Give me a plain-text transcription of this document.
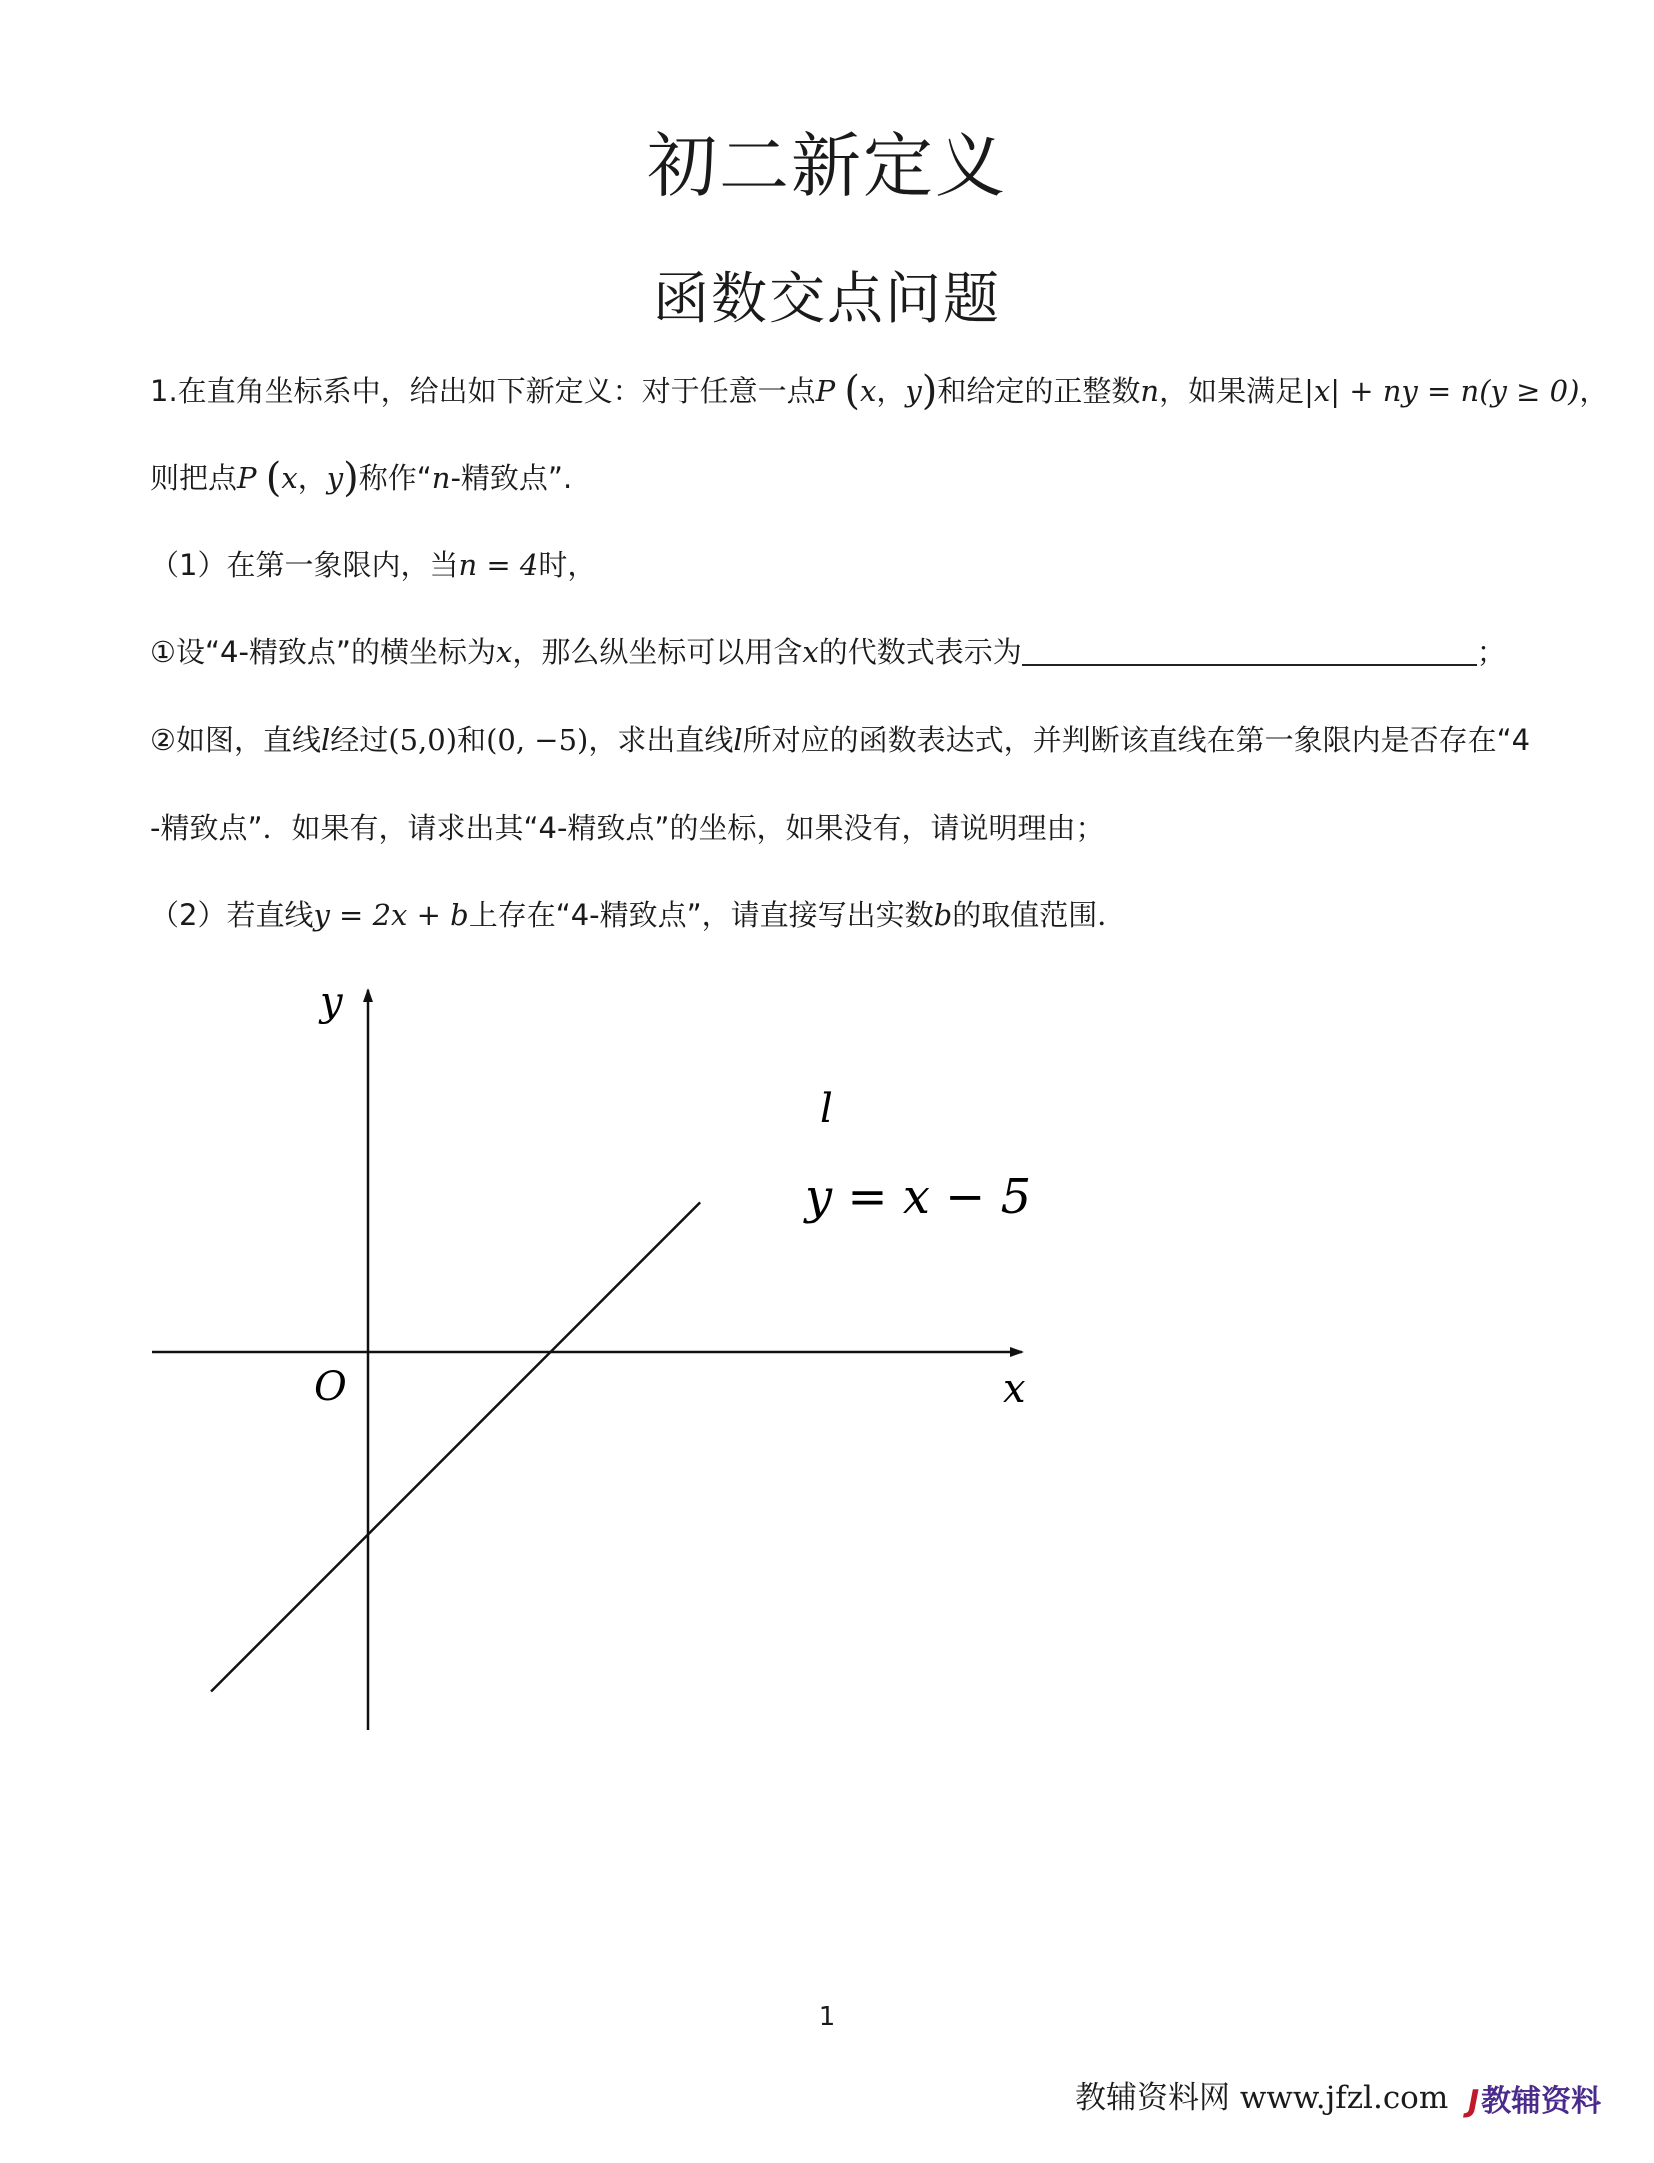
初二新定义
函数交点问题
1.在直角坐标系中，给出如下新定义：对于任意一点P (x，y)和给定的正整数n，如果满足|x| + ny = n(y ≥ 0)，
则把点P (x，y)称作“n-精致点”.
（1）在第一象限内，当n = 4时，
①设“4-精致点”的横坐标为x，那么纵坐标可以用含x的代数式表示为	；
②如图，直线l经过(5,0)和(0, −5)，求出直线l所对应的函数表达式，并判断该直线在第一象限内是否存在“4
-精致点”．如果有，请求出其“4-精致点”的坐标，如果没有，请说明理由；
（2）若直线y = 2x + b上存在“4-精致点”，请直接写出实数b的取值范围．
y
x
O
l
y = x − 5
1
教辅资料网 www.jfzl.com J教辅资料
